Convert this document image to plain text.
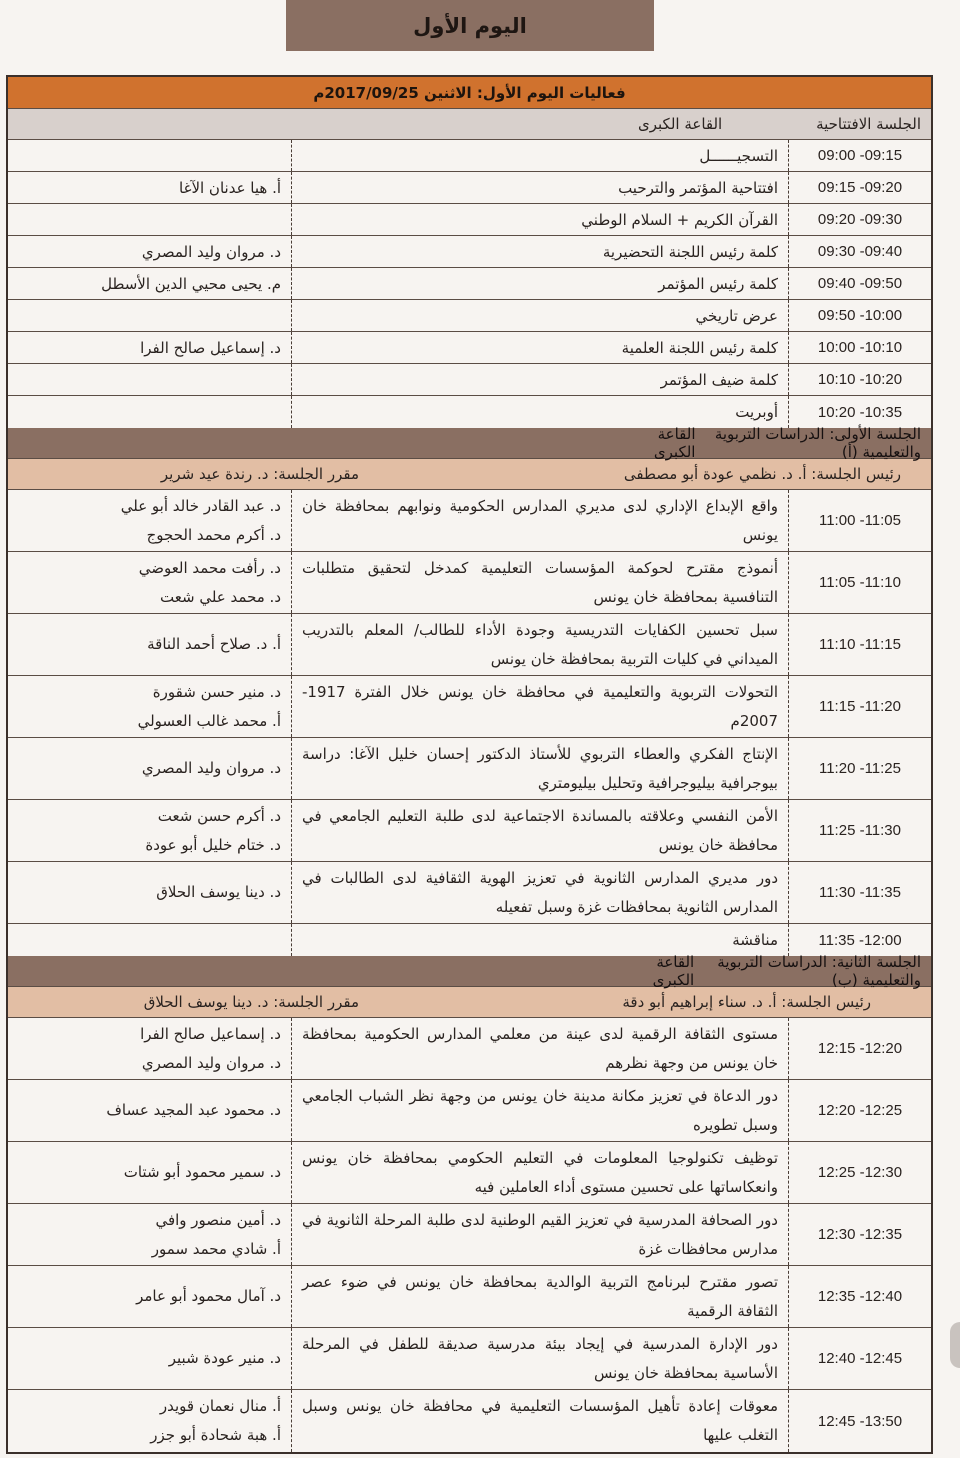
اليوم الأول
فعاليات اليوم الأول: الاثنين 2017/09/25م
الجلسة الافتتاحية
القاعة الكبرى
09:00 -09:15
التسجيــــــل
09:15 -09:20
افتتاحية المؤتمر والترحيب
أ. هيا عدنان الآغا
09:20 -09:30
القرآن الكريم + السلام الوطني
09:30 -09:40
كلمة رئيس اللجنة التحضيرية
د. مروان وليد المصري
09:40 -09:50
كلمة رئيس المؤتمر
م. يحيى محيي الدين الأسطل
09:50 -10:00
عرض تاريخي
10:00 -10:10
كلمة رئيس اللجنة العلمية
د. إسماعيل صالح الفرا
10:10 -10:20
كلمة ضيف المؤتمر
10:20 -10:35
أوبريت
الجلسة الأولى: الدراسات التربوية والتعليمية (أ)
القاعة الكبرى
رئيس الجلسة: أ. د. نظمي عودة أبو مصطفى
مقرر الجلسة: د. رندة عيد شرير
11:00 -11:05
واقع الإبداع الإداري لدى مديري المدارس الحكومية ونوابهم بمحافظة خان يونس
د. عبد القادر خالد أبو علي
د. أكرم محمد الحجوج
11:05 -11:10
أنموذج مقترح لحوكمة المؤسسات التعليمية كمدخل لتحقيق متطلبات التنافسية بمحافظة خان يونس
د. رأفت محمد العوضي
د. محمد علي شعت
11:10 -11:15
سبل تحسين الكفايات التدريسية وجودة الأداء للطالب/ المعلم بالتدريب الميداني في كليات التربية بمحافظة خان يونس
أ. د. صلاح أحمد الناقة
11:15 -11:20
التحولات التربوية والتعليمية في محافظة خان يونس خلال الفترة 1917-2007م
د. منير حسن شقورة
أ. محمد غالب العسولي
11:20 -11:25
الإنتاج الفكري والعطاء التربوي للأستاذ الدكتور إحسان خليل الآغا: دراسة بيوجرافية بيليوجرافية وتحليل بيليومتري
د. مروان وليد المصري
11:25 -11:30
الأمن النفسي وعلاقته بالمساندة الاجتماعية لدى طلبة التعليم الجامعي في محافظة خان يونس
د. أكرم حسن شعت
د. ختام خليل أبو عودة
11:30 -11:35
دور مديري المدارس الثانوية في تعزيز الهوية الثقافية لدى الطالبات في المدارس الثانوية بمحافظات غزة وسبل تفعيله
د. دينا يوسف الحلاق
11:35 -12:00
مناقشة
الجلسة الثانية: الدراسات التربوية والتعليمية (ب)
القاعة الكبرى
رئيس الجلسة: أ. د. سناء إبراهيم أبو دقة
مقرر الجلسة: د. دينا يوسف الحلاق
12:15 -12:20
مستوى الثقافة الرقمية لدى عينة من معلمي المدارس الحكومية بمحافظة خان يونس من وجهة نظرهم
د. إسماعيل صالح الفرا
د. مروان وليد المصري
12:20 -12:25
دور الدعاة في تعزيز مكانة مدينة خان يونس من وجهة نظر الشباب الجامعي وسبل تطويره
د. محمود عبد المجيد عساف
12:25 -12:30
توظيف تكنولوجيا المعلومات في التعليم الحكومي بمحافظة خان يونس وانعكاساتها على تحسين مستوى أداء العاملين فيه
د. سمير محمود أبو شتات
12:30 -12:35
دور الصحافة المدرسية في تعزيز القيم الوطنية لدى طلبة المرحلة الثانوية في مدارس محافظات غزة
د. أمين منصور وافي
أ. شادي محمد سمور
12:35 -12:40
تصور مقترح لبرنامج التربية الوالدية بمحافظة خان يونس في ضوء عصر الثقافة الرقمية
د. آمال محمود أبو عامر
12:40 -12:45
دور الإدارة المدرسية في إيجاد بيئة مدرسية صديقة للطفل في المرحلة الأساسية بمحافظة خان يونس
د. منير عودة شبير
12:45 -13:50
معوقات إعادة تأهيل المؤسسات التعليمية في محافظة خان يونس وسبل التغلب عليها
أ. منال نعمان قويدر
أ. هبة شحادة أبو جزر
